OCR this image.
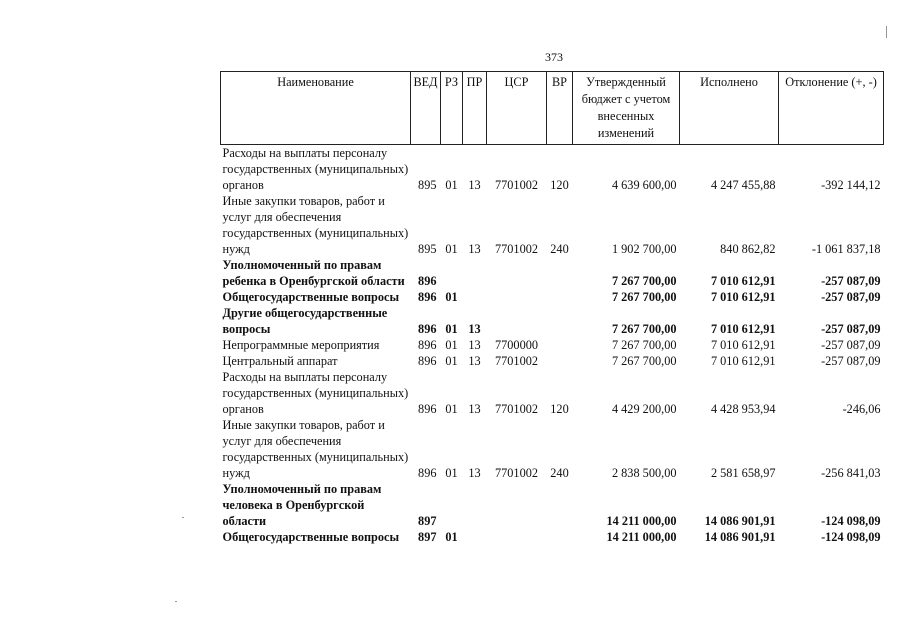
373
Наименование	ВЕД	РЗ	ПР	ЦСР	ВР	Утвержденный бюджет с учетом внесенных изменений	Исполнено	Отклонение (+, -)
Расходы на выплаты персоналу государственных (муниципальных) органов	895	01	13	7701002	120	4 639 600,00	4 247 455,88	-392 144,12
Иные закупки товаров, работ и услуг для обеспечения государственных (муниципальных) нужд	895	01	13	7701002	240	1 902 700,00	840 862,82	-1 061 837,18
Уполномоченный по правам ребенка в Оренбургской области	896					7 267 700,00	7 010 612,91	-257 087,09
Общегосударственные вопросы	896	01				7 267 700,00	7 010 612,91	-257 087,09
Другие общегосударственные вопросы	896	01	13			7 267 700,00	7 010 612,91	-257 087,09
Непрограммные мероприятия	896	01	13	7700000		7 267 700,00	7 010 612,91	-257 087,09
Центральный аппарат	896	01	13	7701002		7 267 700,00	7 010 612,91	-257 087,09
Расходы на выплаты персоналу государственных (муниципальных) органов	896	01	13	7701002	120	4 429 200,00	4 428 953,94	-246,06
Иные закупки товаров, работ и услуг для обеспечения государственных (муниципальных) нужд	896	01	13	7701002	240	2 838 500,00	2 581 658,97	-256 841,03
Уполномоченный по правам человека в Оренбургской области	897					14 211 000,00	14 086 901,91	-124 098,09
Общегосударственные вопросы	897	01				14 211 000,00	14 086 901,91	-124 098,09
